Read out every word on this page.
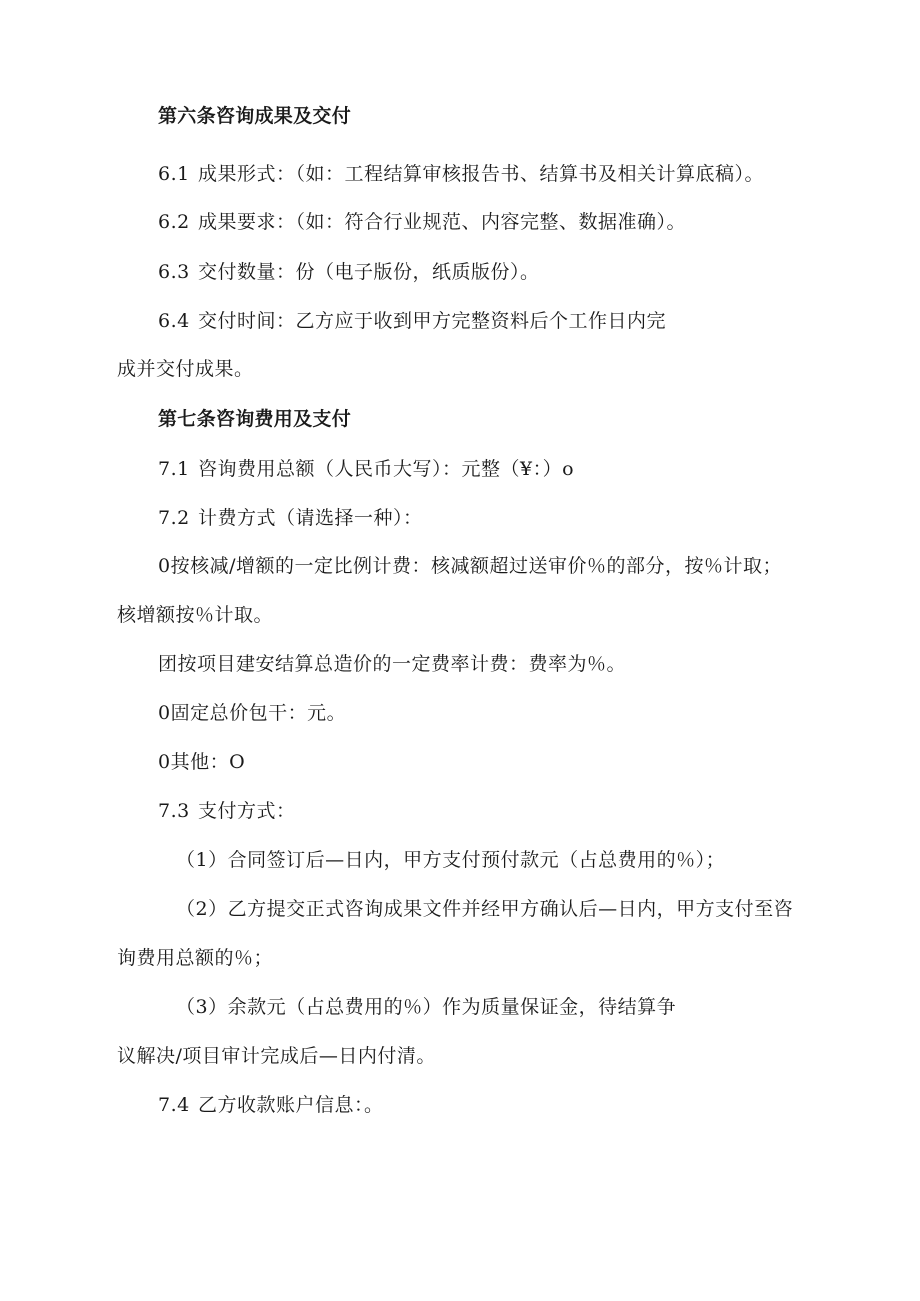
第六条咨询成果及交付
6.1 成果形式：（如：工程结算审核报告书、结算书及相关计算底稿）。
6.2 成果要求：（如：符合行业规范、内容完整、数据准确）。
6.3 交付数量：份（电子版份，纸质版份）。
6.4 交付时间：乙方应于收到甲方完整资料后个工作日内完
成并交付成果。
第七条咨询费用及支付
7.1 咨询费用总额（人民币大写）：元整（¥：）o
7.2 计费方式（请选择一种）：
0按核减/增额的一定比例计费：核减额超过送审价％的部分，按％计取；
核增额按％计取。
团按项目建安结算总造价的一定费率计费：费率为％。
0固定总价包干：元。
0其他：O
7.3 支付方式：
（1）合同签订后—日内，甲方支付预付款元（占总费用的％）；
（2）乙方提交正式咨询成果文件并经甲方确认后—日内，甲方支付至咨
询费用总额的％；
（3）余款元（占总费用的％）作为质量保证金，待结算争
议解决/项目审计完成后—日内付清。
7.4 乙方收款账户信息：。
